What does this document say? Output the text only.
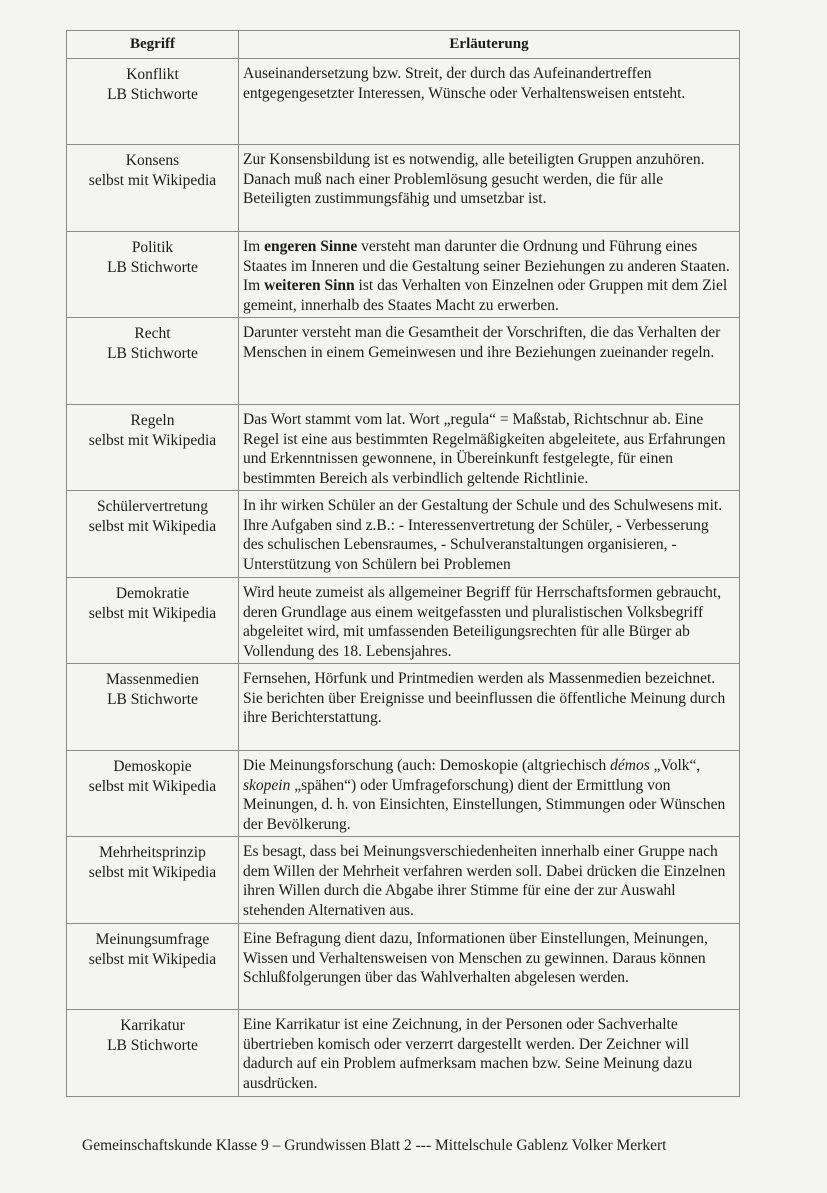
Begriff	Erläuterung

Konflikt
LB Stichworte	Auseinandersetzung bzw. Streit, der durch das Aufeinandertreffen entgegengesetzter Interessen, Wünsche oder Verhaltensweisen entsteht.

Konsens
selbst mit Wikipedia	Zur Konsensbildung ist es notwendig, alle beteiligten Gruppen anzuhören. Danach muß nach einer Problemlösung gesucht werden, die für alle Beteiligten zustimmungsfähig und umsetzbar ist.

Politik
LB Stichworte	Im engeren Sinne versteht man darunter die Ordnung und Führung eines Staates im Inneren und die Gestaltung seiner Beziehungen zu anderen Staaten. Im weiteren Sinn ist das Verhalten von Einzelnen oder Gruppen mit dem Ziel gemeint, innerhalb des Staates Macht zu erwerben.

Recht
LB Stichworte	Darunter versteht man die Gesamtheit der Vorschriften, die das Verhalten der Menschen in einem Gemeinwesen und ihre Beziehungen zueinander regeln.

Regeln
selbst mit Wikipedia	Das Wort stammt vom lat. Wort „regula“ = Maßstab, Richtschnur ab. Eine Regel ist eine aus bestimmten Regelmäßigkeiten abgeleitete, aus Erfahrungen und Erkenntnissen gewonnene, in Übereinkunft festgelegte, für einen bestimmten Bereich als verbindlich geltende Richtlinie.

Schülervertretung
selbst mit Wikipedia	In ihr wirken Schüler an der Gestaltung der Schule und des Schulwesens mit. Ihre Aufgaben sind z.B.: - Interessenvertretung der Schüler, - Verbesserung des schulischen Lebensraumes, - Schulveranstaltungen organisieren, - Unterstützung von Schülern bei Problemen

Demokratie
selbst mit Wikipedia	Wird heute zumeist als allgemeiner Begriff für Herrschaftsformen gebraucht, deren Grundlage aus einem weitgefassten und pluralistischen Volksbegriff abgeleitet wird, mit umfassenden Beteiligungsrechten für alle Bürger ab Vollendung des 18. Lebensjahres.

Massenmedien
LB Stichworte	Fernsehen, Hörfunk und Printmedien werden als Massenmedien bezeichnet. Sie berichten über Ereignisse und beeinflussen die öffentliche Meinung durch ihre Berichterstattung.

Demoskopie
selbst mit Wikipedia	Die Meinungsforschung (auch: Demoskopie (altgriechisch démos „Volk“, skopein „spähen“) oder Umfrageforschung) dient der Ermittlung von Meinungen, d. h. von Einsichten, Einstellungen, Stimmungen oder Wünschen der Bevölkerung.

Mehrheitsprinzip
selbst mit Wikipedia	Es besagt, dass bei Meinungsverschiedenheiten innerhalb einer Gruppe nach dem Willen der Mehrheit verfahren werden soll. Dabei drücken die Einzelnen ihren Willen durch die Abgabe ihrer Stimme für eine der zur Auswahl stehenden Alternativen aus.

Meinungsumfrage
selbst mit Wikipedia	Eine Befragung dient dazu, Informationen über Einstellungen, Meinungen, Wissen und Verhaltensweisen von Menschen zu gewinnen. Daraus können Schlußfolgerungen über das Wahlverhalten abgelesen werden.

Karrikatur
LB Stichworte	Eine Karrikatur ist eine Zeichnung, in der Personen oder Sachverhalte übertrieben komisch oder verzerrt dargestellt werden. Der Zeichner will dadurch auf ein Problem aufmerksam machen bzw. Seine Meinung dazu ausdrücken.
Gemeinschaftskunde Klasse 9 – Grundwissen Blatt 2 --- Mittelschule Gablenz Volker Merkert
